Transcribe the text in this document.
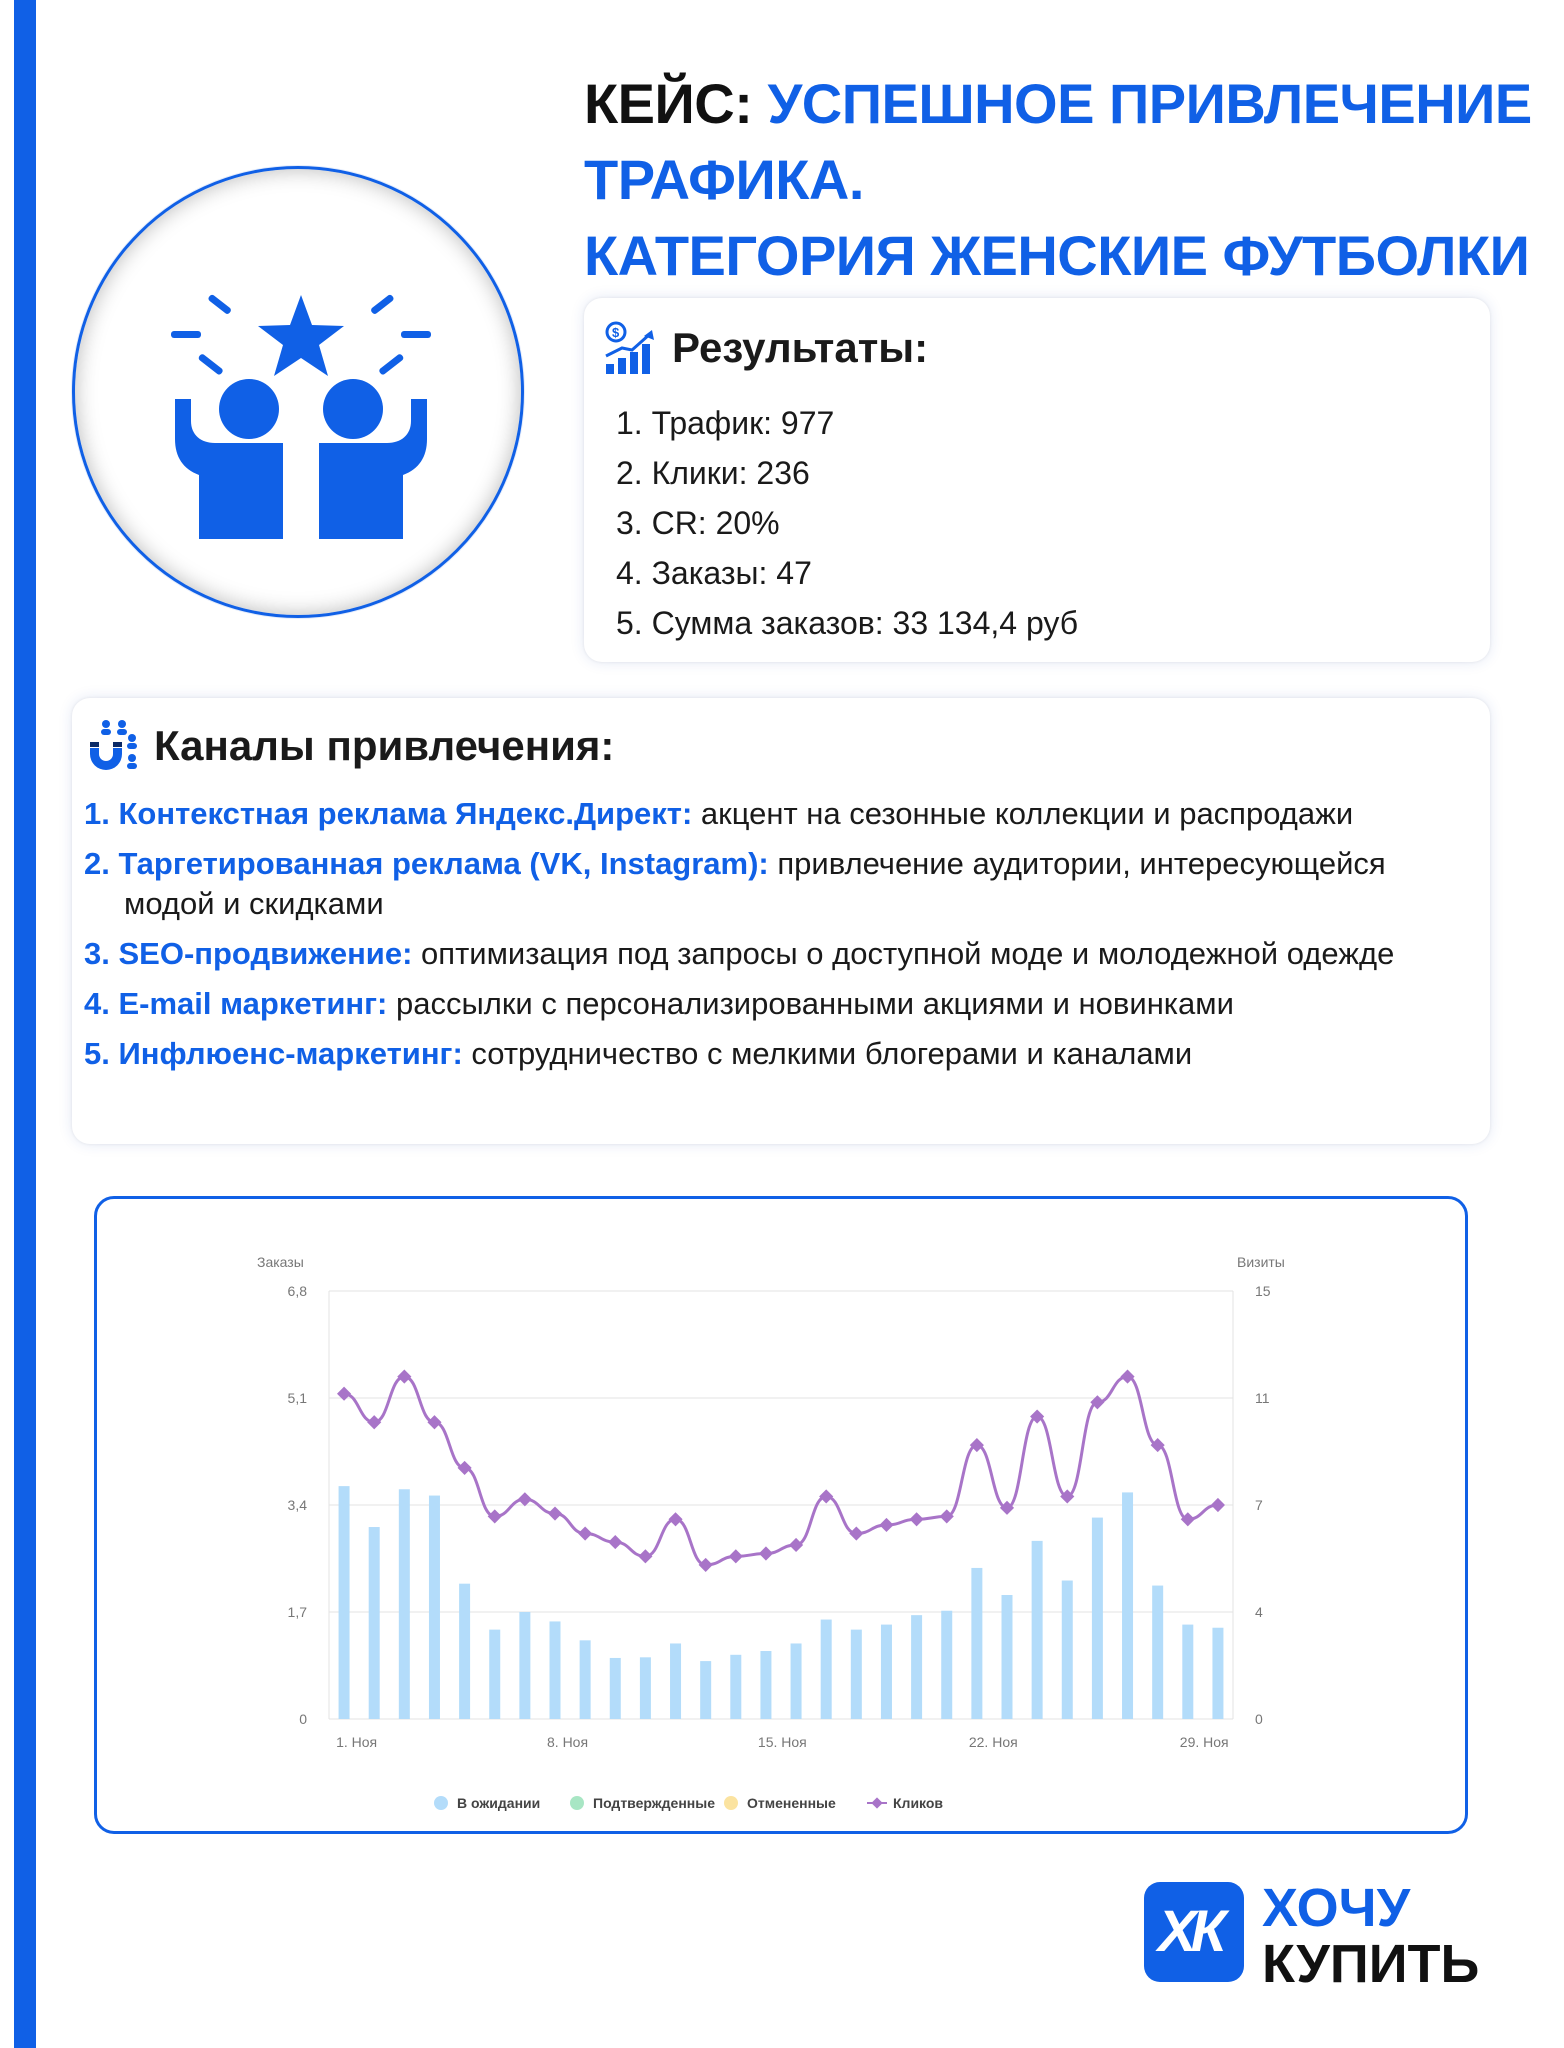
КЕЙС: УСПЕШНОЕ ПРИВЛЕЧЕНИЕ
ТРАФИКА.
КАТЕГОРИЯ ЖЕНСКИЕ ФУТБОЛКИ
$ Результаты:
1. Трафик: 977
2. Клики: 236
3. CR: 20%
4. Заказы: 47
5. Сумма заказов: 33 134,4 руб
Каналы привлечения:
1. Контекстная реклама Яндекс.Директ: акцент на сезонные коллекции и распродажи
2. Таргетированная реклама (VK, Instagram): привлечение аудитории, интересующейся модой и скидками
3. SEO-продвижение: оптимизация под запросы о доступной моде и молодежной одежде
4. E-mail маркетинг: рассылки с персонализированными акциями и новинками
5. Инфлюенс-маркетинг: сотрудничество с мелкими блогерами и каналами
0
1,7
3,4
5,1
6,8
0
4
7
11
15
Заказы	Визиты
1. Ноя	8. Ноя	15. Ноя	22. Ноя	29. Ноя
В ожидании	Подтвержденные Отмененные	Кликов
ХК ХОЧУ
КУПИТЬ
